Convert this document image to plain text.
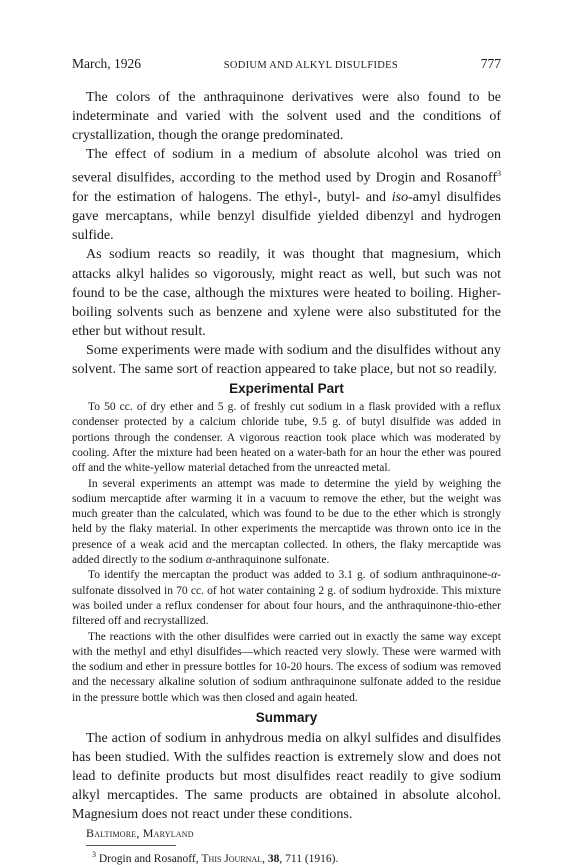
March, 1926	SODIUM AND ALKYL DISULFIDES	777

The colors of the anthraquinone derivatives were also found to be indeterminate and varied with the solvent used and the conditions of crystallization, though the orange predominated.

The effect of sodium in a medium of absolute alcohol was tried on several disulfides, according to the method used by Drogin and Rosanoff$^3$ for the estimation of halogens. The ethyl-, butyl- and iso-amyl disulfides gave mercaptans, while benzyl disulfide yielded dibenzyl and hydrogen sulfide.

As sodium reacts so readily, it was thought that magnesium, which attacks alkyl halides so vigorously, might react as well, but such was not found to be the case, although the mixtures were heated to boiling. Higher-boiling solvents such as benzene and xylene were also substituted for the ether but without result.

Some experiments were made with sodium and the disulfides without any solvent. The same sort of reaction appeared to take place, but not so readily.

Experimental Part

To 50 cc. of dry ether and 5 g. of freshly cut sodium in a flask provided with a reflux condenser protected by a calcium chloride tube, 9.5 g. of butyl disulfide was added in portions through the condenser. A vigorous reaction took place which was moderated by cooling. After the mixture had been heated on a water-bath for an hour the ether was poured off and the white-yellow material detached from the unreacted metal.

In several experiments an attempt was made to determine the yield by weighing the sodium mercaptide after warming it in a vacuum to remove the ether, but the weight was much greater than the calculated, which was found to be due to the ether which is strongly held by the flaky material. In other experiments the mercaptide was thrown onto ice in the presence of a weak acid and the mercaptan collected. In others, the flaky mercaptide was added directly to the sodium α-anthraquinone sulfonate.

To identify the mercaptan the product was added to 3.1 g. of sodium anthraquinone-α-sulfonate dissolved in 70 cc. of hot water containing 2 g. of sodium hydroxide. This mixture was boiled under a reflux condenser for about four hours, and the anthraquinone-thio-ether filtered off and recrystallized.

The reactions with the other disulfides were carried out in exactly the same way except with the methyl and ethyl disulfides—which reacted very slowly. These were warmed with the sodium and ether in pressure bottles for 10-20 hours. The excess of sodium was removed and the necessary alkaline solution of sodium anthraquinone sulfonate added to the residue in the pressure bottle which was then closed and again heated.

Summary

The action of sodium in anhydrous media on alkyl sulfides and disulfides has been studied. With the sulfides reaction is extremely slow and does not lead to definite products but most disulfides react readily to give sodium alkyl mercaptides. The same products are obtained in absolute alcohol. Magnesium does not react under these conditions.

Baltimore, Maryland

$^3$ Drogin and Rosanoff, This Journal, 38, 711 (1916).
